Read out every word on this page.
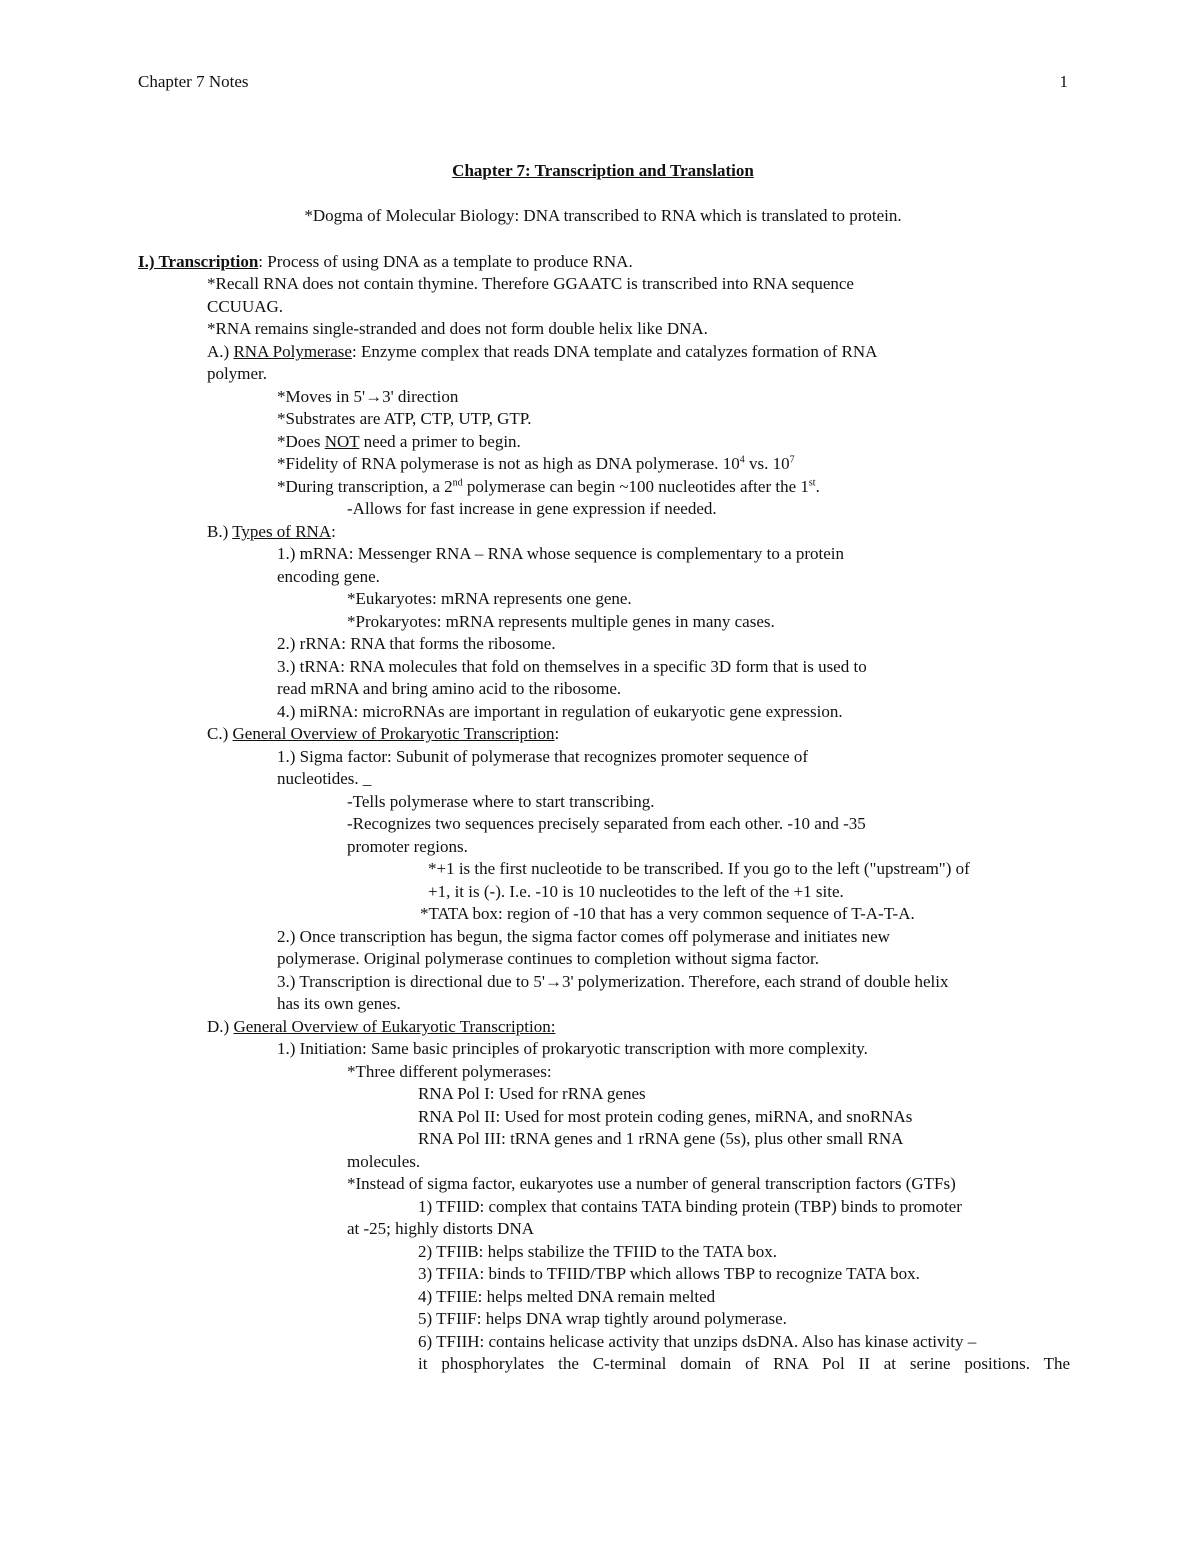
Chapter 7 Notes	1
Chapter 7: Transcription and Translation
*Dogma of Molecular Biology: DNA transcribed to RNA which is translated to protein.
I.) Transcription: Process of using DNA as a template to produce RNA.
*Recall RNA does not contain thymine. Therefore GGAATC is transcribed into RNA sequence
CCUUAG.
*RNA remains single-stranded and does not form double helix like DNA.
A.) RNA Polymerase: Enzyme complex that reads DNA template and catalyzes formation of RNA
polymer.
*Moves in 5'→3' direction
*Substrates are ATP, CTP, UTP, GTP.
*Does NOT need a primer to begin.
*Fidelity of RNA polymerase is not as high as DNA polymerase. $10^4$ vs. $10^7$
*During transcription, a 2nd polymerase can begin ~100 nucleotides after the 1st.
-Allows for fast increase in gene expression if needed.
B.) Types of RNA:
1.) mRNA: Messenger RNA – RNA whose sequence is complementary to a protein
encoding gene.
*Eukaryotes: mRNA represents one gene.
*Prokaryotes: mRNA represents multiple genes in many cases.
2.) rRNA: RNA that forms the ribosome.
3.) tRNA: RNA molecules that fold on themselves in a specific 3D form that is used to
read mRNA and bring amino acid to the ribosome.
4.) miRNA: microRNAs are important in regulation of eukaryotic gene expression.
C.) General Overview of Prokaryotic Transcription:
1.) Sigma factor: Subunit of polymerase that recognizes promoter sequence of
nucleotides. _
-Tells polymerase where to start transcribing.
-Recognizes two sequences precisely separated from each other. -10 and -35
promoter regions.
*+1 is the first nucleotide to be transcribed. If you go to the left ("upstream") of
+1, it is (-). I.e. -10 is 10 nucleotides to the left of the +1 site.
*TATA box: region of -10 that has a very common sequence of T-A-T-A.
2.) Once transcription has begun, the sigma factor comes off polymerase and initiates new
polymerase. Original polymerase continues to completion without sigma factor.
3.) Transcription is directional due to 5'→3' polymerization. Therefore, each strand of double helix
has its own genes.
D.) General Overview of Eukaryotic Transcription:
1.) Initiation: Same basic principles of prokaryotic transcription with more complexity.
*Three different polymerases:
RNA Pol I: Used for rRNA genes
RNA Pol II: Used for most protein coding genes, miRNA, and snoRNAs
RNA Pol III: tRNA genes and 1 rRNA gene (5s), plus other small RNA
molecules.
*Instead of sigma factor, eukaryotes use a number of general transcription factors (GTFs)
1) TFIID: complex that contains TATA binding protein (TBP) binds to promoter
at -25; highly distorts DNA
2) TFIIB: helps stabilize the TFIID to the TATA box.
3) TFIIA: binds to TFIID/TBP which allows TBP to recognize TATA box.
4) TFIIE: helps melted DNA remain melted
5) TFIIF: helps DNA wrap tightly around polymerase.
6) TFIIH: contains helicase activity that unzips dsDNA. Also has kinase activity –
it phosphorylates the C-terminal domain of RNA Pol II at serine positions. The
